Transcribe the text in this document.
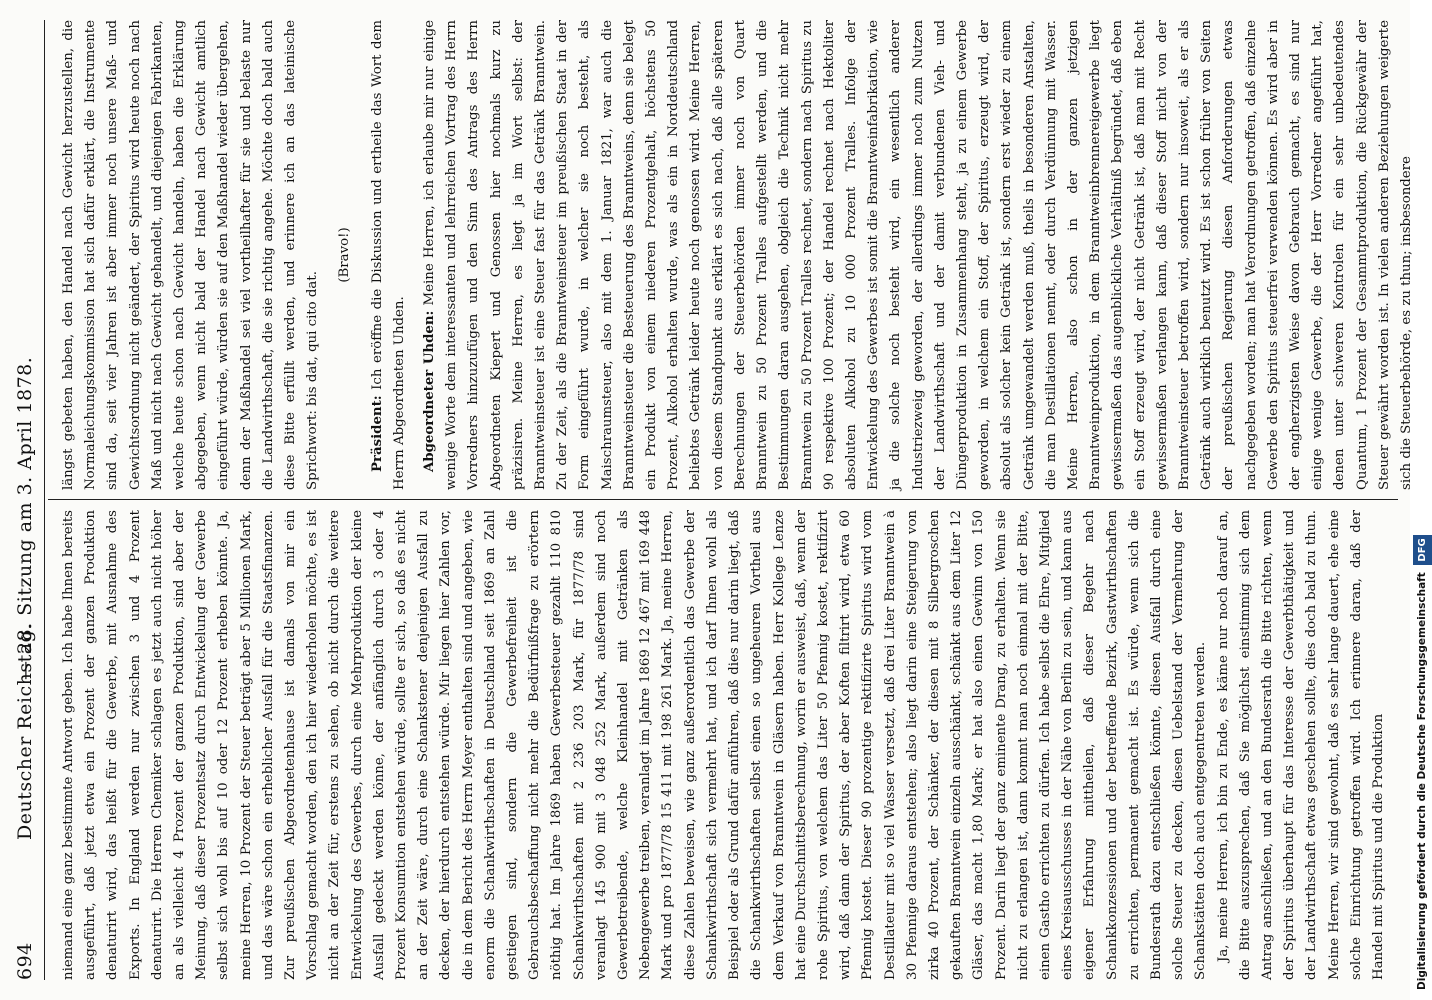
694
Deutscher Reichstag.
— 28. Sitzung am 3. April 1878. niemand eine ganz bestimmte Antwort geben. Ich habe Ihnen bereits ausgeführt, daß jetzt etwa ein Prozent der ganzen Produktion denaturirt wird, das heißt für die Gewerbe, mit Ausnahme des Exports. In England werden nur zwischen 3 und 4 Prozent denaturirt. Die Herren Chemiker schlagen es jetzt auch nicht höher an als vielleicht 4 Prozent der ganzen Produktion, sind aber der Meinung, daß dieser Prozentsatz durch Entwickelung der Gewerbe selbst sich wohl bis auf 10 oder 12 Prozent erheben könnte. Ja, meine Herren, 10 Prozent der Steuer beträgt aber 5 Millionen Mark, und das wäre schon ein erheblicher Ausfall für die Staatsfinanzen. Zur preußischen Abgeordnetenhause ist damals von mir ein Vorschlag gemacht worden, den ich hier wiederholen möchte, es ist nicht an der Zeit für, erstens zu sehen, ob nicht durch die weitere Entwickelung des Gewerbes, durch eine Mehrproduktion der kleine Ausfall gedeckt werden könne, der anfänglich durch 3 oder 4 Prozent Konsumtion entstehen würde, sollte er sich, so daß es nicht an der Zeit wäre, durch eine Schankstener denjenigen Ausfall zu decken, der hierdurch entstehen würde. Mir liegen hier Zahlen vor, die in dem Bericht des Herrn Meyer enthalten sind und angeben, wie enorm die Schankwirthschaften in Deutschland seit 1869 an Zahl gestiegen sind, sondern die Gewerbefreiheit ist die Gebrauchsbeschaffung nicht mehr die Bedürfnißfrage zu erörtern nöthig hat. Im Jahre 1869 haben Gewerbesteuer gezahlt 110 810 Schankwirthschaften mit 2 236 203 Mark, für 1877/78 sind veranlagt 145 900 mit 3 048 252 Mark, außerdem sind noch Gewerbetreibende, welche Kleinhandel mit Getränken als Nebengewerbe treiben, veranlagt im Jahre 1869 12 467 mit 169 448 Mark und pro 1877/78 15 411 mit 198 261 Mark. Ja, meine Herren, diese Zahlen beweisen, wie ganz außerordentlich das Gewerbe der Schankwirthschaft sich vermehrt hat, und ich darf Ihnen wohl als Beispiel oder als Grund dafür anführen, daß dies nur darin liegt, daß die Schankwirthschaften selbst einen so ungeheuren Vortheil aus dem Verkauf von Branntwein in Gläsern haben. Herr Kollege Lenze hat eine Durchschnittsberechnung, worin er ausweist, daß, wenn der rohe Spiritus, von welchem das Liter 50 Pfennig kostet, rektifizirt wird, daß dann der Spiritus, der aber Koften filtrirt wird, etwa 60 Pfennig kostet. Dieser 90 prozentige rektifizirte Spiritus wird vom Destillateur mit so viel Wasser versetzt, daß drei Liter Branntwein à 30 Pfennige daraus entstehen; also liegt darin eine Steigerung von zirka 40 Prozent, der Schänker, der diesen mit 8 Silbergroschen gekauften Branntwein einzeln ausschänkt, schänkt aus dem Liter 12 Gläser, das macht 1,80 Mark; er hat also einen Gewinn von 150 Prozent. Darin liegt der ganz eminente Drang, zu erhalten. Wenn sie nicht zu erlangen ist, dann kommt man noch einmal mit der Bitte, einen Gastho errichten zu dürfen. Ich habe selbst die Ehre, Mitglied eines Kreisausschusses in der Nähe von Berlin zu sein, und kann aus eigener Erfahrung mittheilen, daß dieser Begehr nach Schankkonzessionen und der betreffende Bezirk, Gastwirthschaften zu errichten, permanent gemacht ist. Es würde, wenn sich die Bundesrath dazu entschließen könnte, diesen Ausfall durch eine solche Steuer zu decken, diesen Uebelstand der Vermehrung der Schankstätten doch auch entgegentreten werden. Ja, meine Herren, ich bin zu Ende, es käme nur noch darauf an, die Bitte auszusprechen, daß Sie möglichst einstimmig sich dem Antrag anschließen, und an den Bundesrath die Bitte richten, wenn der Spiritus überhaupt für das Interesse der Gewerbthätigkeit und der Landwirthschaft etwas geschehen sollte, dies doch bald zu thun. Meine Herren, wir sind gewohnt, daß es sehr lange dauert, ehe eine solche Einrichtung getroffen wird. Ich erinnere daran, daß der Handel mit Spiritus und die Produktion

längst gebeten haben, den Handel nach Gewicht herzustellen, die Normaleichungskommission hat sich dafür erklärt, die Instrumente sind da, seit vier Jahren ist aber immer noch unsere Maß- und Gewichtsordnung nicht geändert, der Spiritus wird heute noch nach Maß und nicht nach Gewicht gehandelt, und diejenigen Fabrikanten, welche heute schon nach Gewicht handeln, haben die Erklärung abgegeben, wenn nicht bald der Handel nach Gewicht amtlich eingeführt würde, würden sie auf den Maßhandel wieder übergehen, denn der Maßhandel sei viel vortheilhafter für sie und belaste nur die Landwirthschaft, die sie richtig angehe. Möchte doch bald auch diese Bitte erfüllt werden, und erinnere ich an das lateinische Sprichwort: bis dat, qui cito dat.

(Bravo!)

Präsident: Ich eröffne die Diskussion und ertheile das Wort dem Herrn Abgeordneten Uhden.	Abgeordneter Uhden: Meine Herren, ich erlaube mir nur einige wenige Worte dem interessanten und lehrreichen Vortrag des Herrn Vorredners hinzuzufügen und den Sinn des Antrags des Herrn Abgeordneten Kiepert und Genossen hier nochmals kurz zu präzisiren. Meine Herren, es liegt ja im Wort selbst: der Branntweinsteuer ist eine Steuer fast für das Getränk Branntwein. Zu der Zeit, als die Branntweinsteuer im preußischen Staat in der Form eingeführt wurde, in welcher sie noch besteht, als Maischraumsteuer, also mit dem 1. Januar 1821, war auch die Branntweinsteuer die Besteuerung des Branntweins, denn sie belegt ein Produkt von einem niederen Prozentgehalt, höchstens 50 Prozent, Alkohol erhalten wurde, was als ein in Norddeutschland beliebtes Getränk leider heute noch genossen wird. Meine Herren, von diesem Standpunkt aus erklärt es sich nach, daß alle späteren Berechnungen der Steuerbehörden immer noch von Quart Branntwein zu 50 Prozent Tralles aufgestellt werden, und die Bestimmungen daran ausgehen, obgleich die Technik nicht mehr Branntwein zu 50 Prozent Tralles rechnet, sondern nach Spiritus zu 90 respektive 100 Prozent; der Handel rechnet nach Hektoliter absoluten Alkohol zu 10 000 Prozent Tralles. Infolge der Entwickelung des Gewerbes ist somit die Branntweinfabrikation, wie ja die solche noch besteht wird, ein wesentlich anderer Industriezweig geworden, der allerdings immer noch zum Nutzen der Landwirthschaft und der damit verbundenen Vieh- und Düngerproduktion in Zusammenhang steht, ja zu einem Gewerbe geworden, in welchem ein Stoff, der Spiritus, erzeugt wird, der absolut als solcher kein Getränk ist, sondern erst wieder zu einem Getränk umgewandelt werden muß, theils in besonderen Anstalten, die man Destillationen nennt, oder durch Verdünnung mit Wasser. Meine Herren, also schon in der ganzen jetzigen Branntweinproduktion, in dem Branntweinbrennereigewerbe liegt gewissermaßen das augenblickliche Verhältniß begründet, daß eben ein Stoff erzeugt wird, der nicht Getränk ist, daß man mit Recht gewissermaßen verlangen kann, daß dieser Stoff nicht von der Branntweinsteuer betroffen wird, sondern nur insoweit, als er als Getränk auch wirklich benutzt wird. Es ist schon früher von Seiten der preußischen Regierung diesen Anforderungen etwas nachgegeben worden; man hat Verordnungen getroffen, daß einzelne Gewerbe den Spiritus steuerfrei verwenden können. Es wird aber in der engherzigsten Weise davon Gebrauch gemacht, es sind nur einige wenige Gewerbe, die der Herr Vorredner angeführt hat, denen unter schweren Kontrolen für ein sehr unbedeutendes Quantum, 1 Prozent der Gesammtproduktion, die Rückgewähr der Steuer gewährt worden ist. In vielen anderen Beziehungen weigerte sich die Steuerbehörde, es zu thun; insbesondere

Digitalisierung gefördert durch die Deutsche Forschungsgemeinschaft DFG
